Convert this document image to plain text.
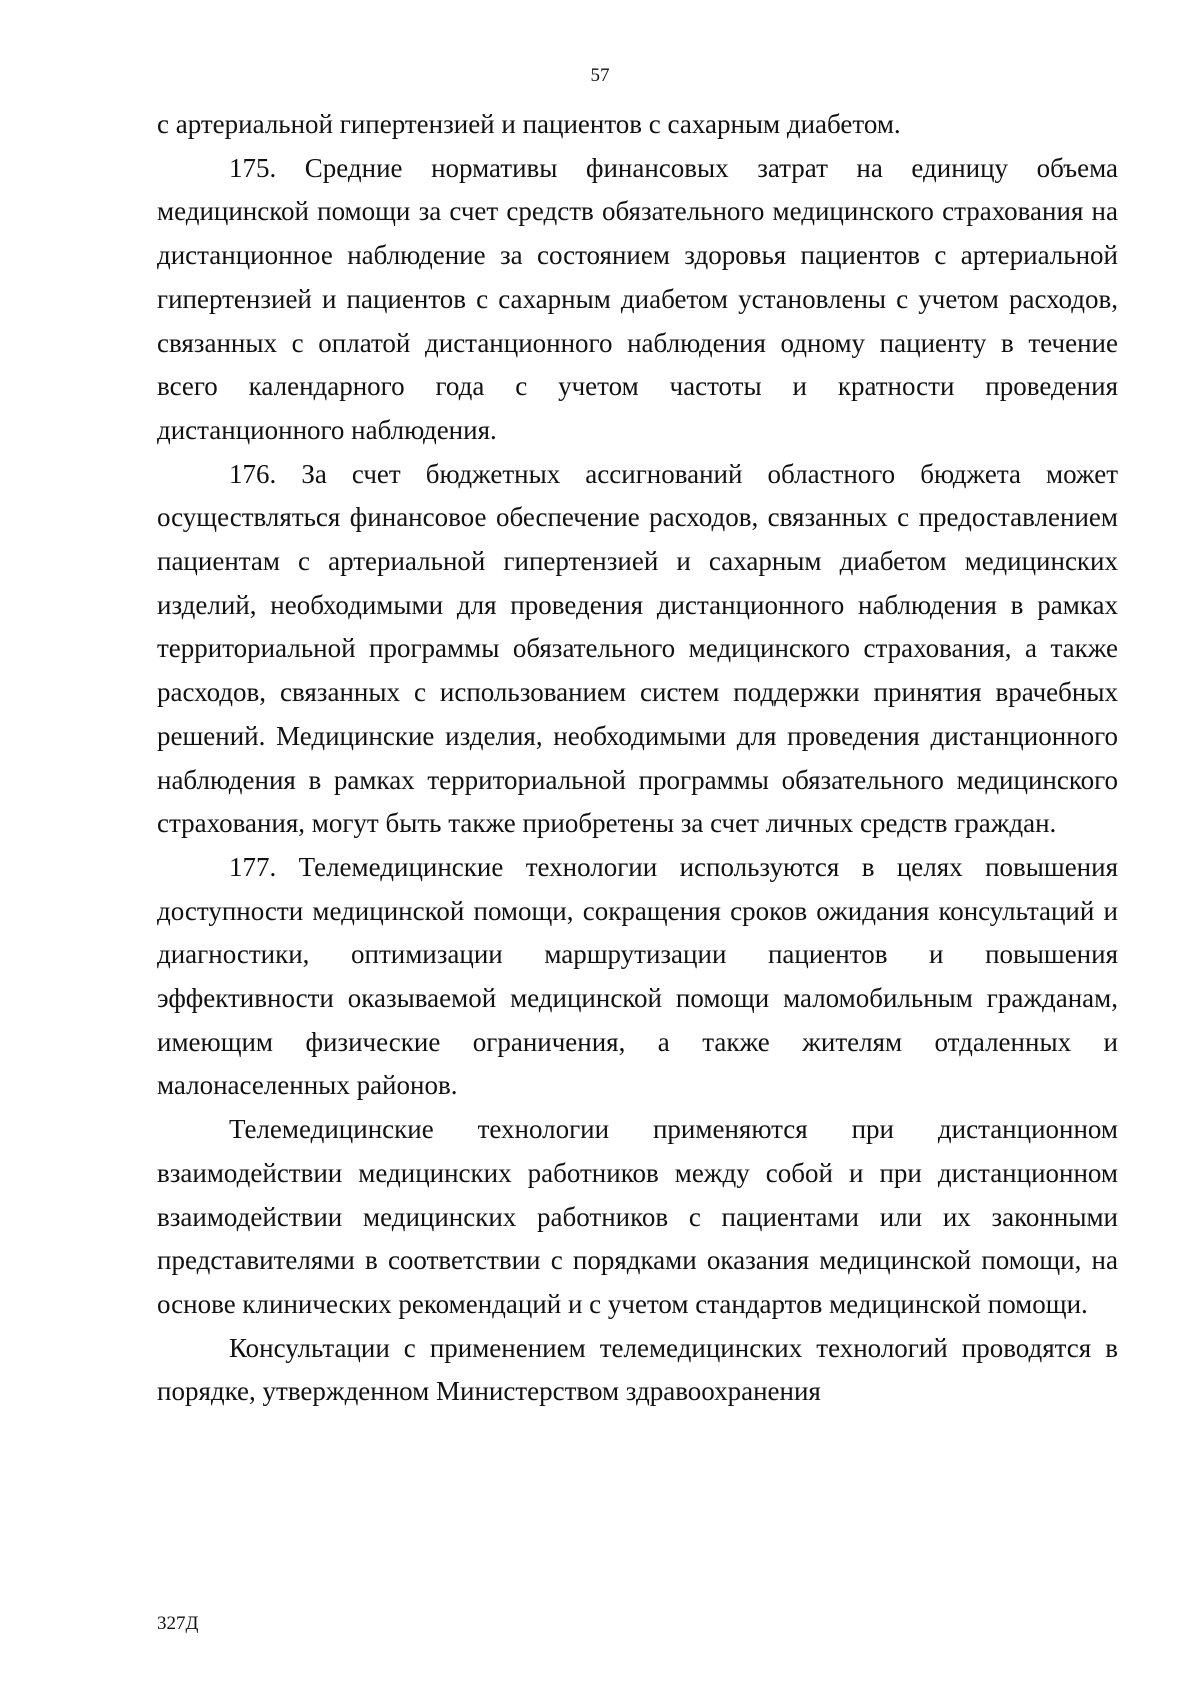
57

с артериальной гипертензией и пациентов с сахарным диабетом.

175. Средние нормативы финансовых затрат на единицу объема медицинской помощи за счет средств обязательного медицинского страхования на дистанционное наблюдение за состоянием здоровья пациентов с артериальной гипертензией и пациентов с сахарным диабетом установлены с учетом расходов, связанных с оплатой дистанционного наблюдения одному пациенту в течение всего календарного года с учетом частоты и кратности проведения дистанционного наблюдения.

176. За счет бюджетных ассигнований областного бюджета может осуществляться финансовое обеспечение расходов, связанных с предоставлением пациентам с артериальной гипертензией и сахарным диабетом медицинских изделий, необходимыми для проведения дистанционного наблюдения в рамках территориальной программы обязательного медицинского страхования, а также расходов, связанных с использованием систем поддержки принятия врачебных решений. Медицинские изделия, необходимыми для проведения дистанционного наблюдения в рамках территориальной программы обязательного медицинского страхования, могут быть также приобретены за счет личных средств граждан.

177. Телемедицинские технологии используются в целях повышения доступности медицинской помощи, сокращения сроков ожидания консультаций и диагностики, оптимизации маршрутизации пациентов и повышения эффективности оказываемой медицинской помощи маломобильным гражданам, имеющим физические ограничения, а также жителям отдаленных и малонаселенных районов.

Телемедицинские технологии применяются при дистанционном взаимодействии медицинских работников между собой и при дистанционном взаимодействии медицинских работников с пациентами или их законными представителями в соответствии с порядками оказания медицинской помощи, на основе клинических рекомендаций и с учетом стандартов медицинской помощи.

Консультации с применением телемедицинских технологий проводятся в порядке, утвержденном Министерством здравоохранения

327Д
